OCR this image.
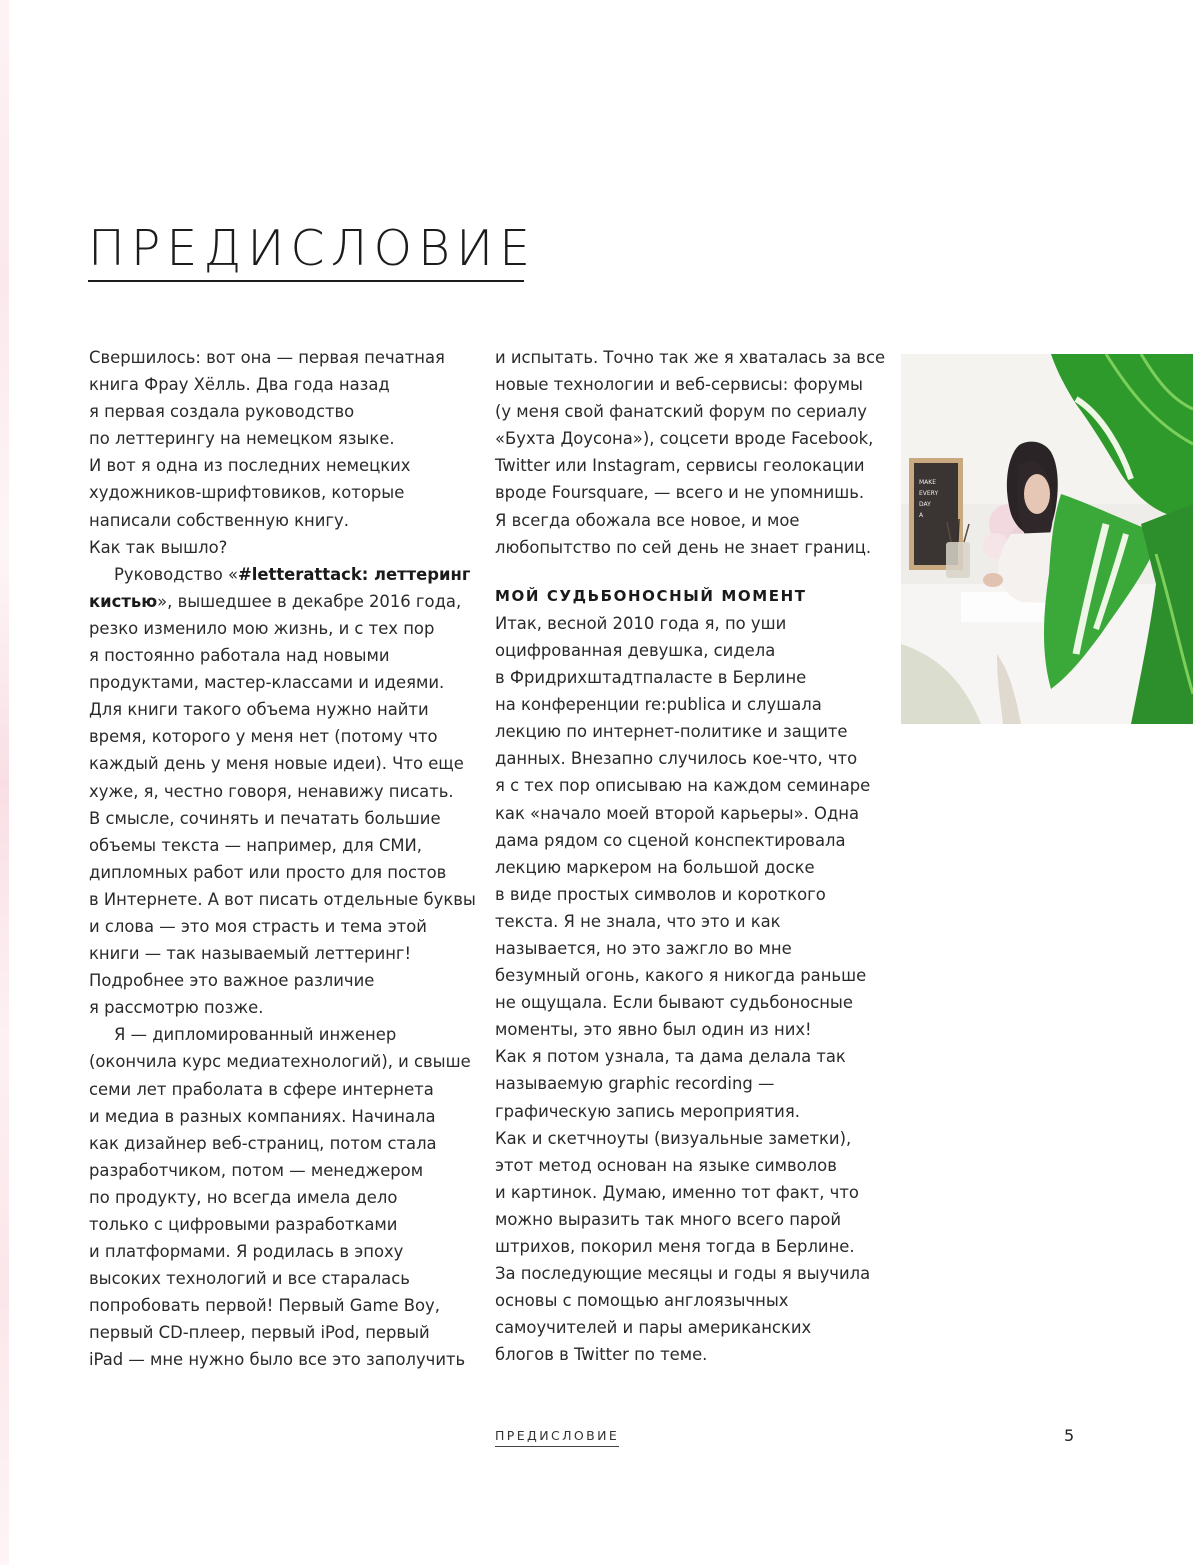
ПРЕДИСЛОВИЕ

Свершилось: вот она — первая печатная
книга Фрау Хёлль. Два года назад
я первая создала руководство
по леттерингу на немецком языке.
И вот я одна из последних немецких
художников-шрифтовиков, которые
написали собственную книгу.
Как так вышло?

Руководство «#letterattack: леттеринг
кистью», вышедшее в декабре 2016 года,
резко изменило мою жизнь, и с тех пор
я постоянно работала над новыми
продуктами, мастер-классами и идеями.
Для книги такого объема нужно найти
время, которого у меня нет (потому что
каждый день у меня новые идеи). Что еще
хуже, я, честно говоря, ненавижу писать.
В смысле, сочинять и печатать большие
объемы текста — например, для СМИ,
дипломных работ или просто для постов
в Интернете. А вот писать отдельные буквы
и слова — это моя страсть и тема этой
книги — так называемый леттеринг!
Подробнее это важное различие
я рассмотрю позже.

Я — дипломированный инженер
(окончила курс медиатехнологий), и свыше
семи лет праболата в сфере интернета
и медиа в разных компаниях. Начинала
как дизайнер веб-страниц, потом стала
разработчиком, потом — менеджером
по продукту, но всегда имела дело
только с цифровыми разработками
и платформами. Я родилась в эпоху
высоких технологий и все старалась
попробовать первой! Первый Game Boy,
первый CD-плеер, первый iPod, первый
iPad — мне нужно было все это заполучить

и испытать. Точно так же я хваталась за все
новые технологии и веб-сервисы: форумы
(у меня свой фанатский форум по сериалу
«Бухта Доусона»), соцсети вроде Facebook,
Twitter или Instagram, сервисы геолокации
вроде Foursquare, — всего и не упомнишь.
Я всегда обожала все новое, и мое
любопытство по сей день не знает границ.

МОЙ СУДЬБОНОСНЫЙ МОМЕНТ

Итак, весной 2010 года я, по уши
оцифрованная девушка, сидела
в Фридрихштадтпаласте в Берлине
на конференции re:publica и слушала
лекцию по интернет-политике и защите
данных. Внезапно случилось кое-что, что
я с тех пор описываю на каждом семинаре
как «начало моей второй карьеры». Одна
дама рядом со сценой конспектировала
лекцию маркером на большой доске
в виде простых символов и короткого
текста. Я не знала, что это и как
называется, но это зажгло во мне
безумный огонь, какого я никогда раньше
не ощущала. Если бывают судьбоносные
моменты, это явно был один из них!
Как я потом узнала, та дама делала так
называемую graphic recording —
графическую запись мероприятия.
Как и скетчноуты (визуальные заметки),
этот метод основан на языке символов
и картинок. Думаю, именно тот факт, что
можно выразить так много всего парой
штрихов, покорил меня тогда в Берлине.
За последующие месяцы и годы я выучила
основы с помощью англоязычных
самоучителей и пары американских
блогов в Twitter по теме.

MAKE
EVERY
DAY
A
ПРЕДИСЛОВИЕ	5
